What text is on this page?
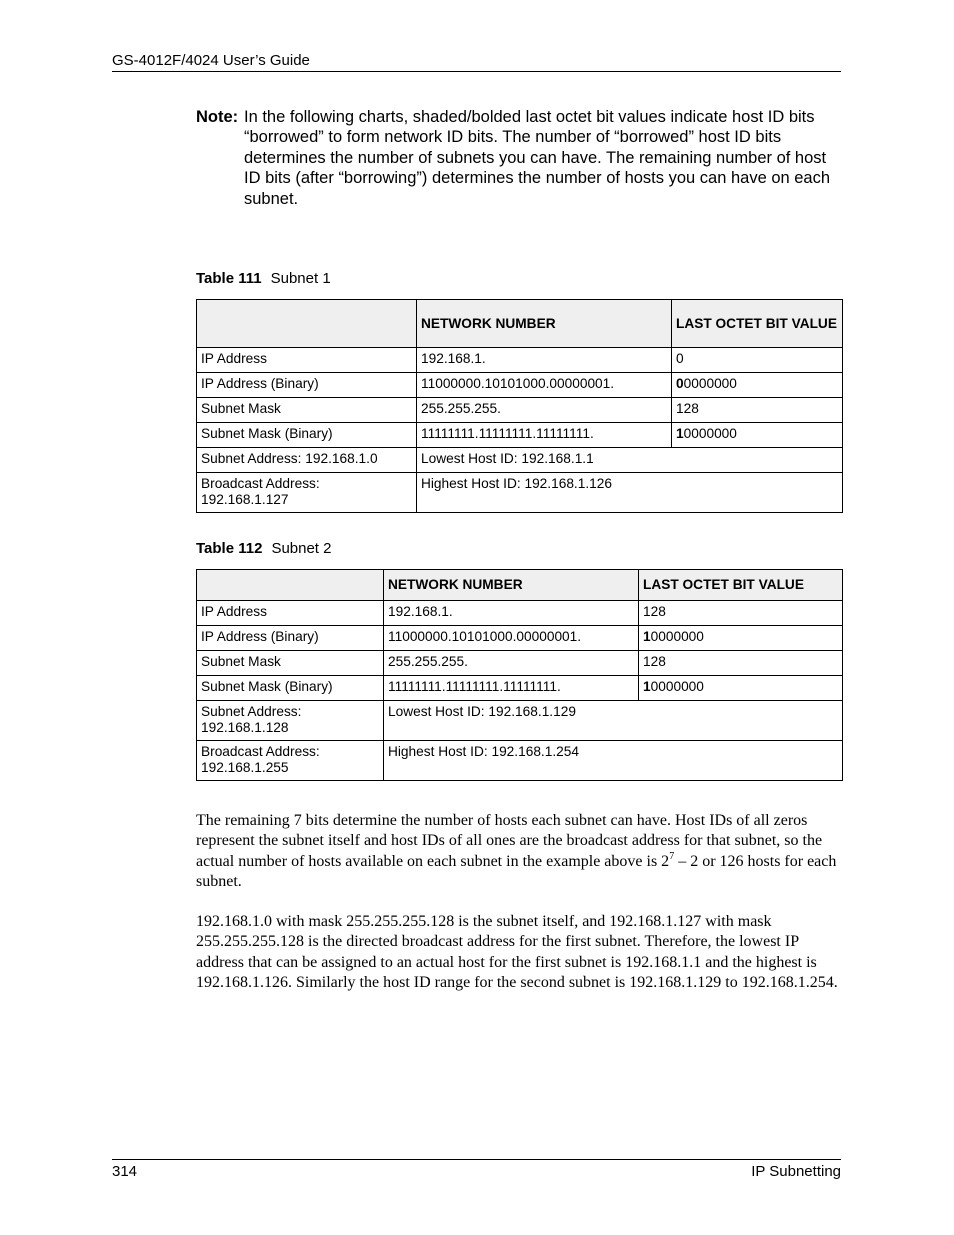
GS-4012F/4024 User’s Guide
Note: In the following charts, shaded/bolded last octet bit values indicate host ID bits “borrowed” to form network ID bits. The number of “borrowed” host ID bits determines the number of subnets you can have. The remaining number of host ID bits (after “borrowing”) determines the number of hosts you can have on each subnet.
Table 111 Subnet 1
	NETWORK NUMBER	LAST OCTET BIT VALUE
IP Address	192.168.1.	0
IP Address (Binary)	11000000.10101000.00000001.	00000000
Subnet Mask	255.255.255.	128
Subnet Mask (Binary)	11111111.11111111.11111111.	10000000
Subnet Address: 192.168.1.0	Lowest Host ID: 192.168.1.1	

Broadcast Address:
192.168.1.127	Highest Host ID: 192.168.1.126	
Table 112 Subnet 2
	NETWORK NUMBER	LAST OCTET BIT VALUE
IP Address	192.168.1.	128
IP Address (Binary)	11000000.10101000.00000001.	10000000
Subnet Mask	255.255.255.	128
Subnet Mask (Binary)	11111111.11111111.11111111.	10000000

Subnet Address:
192.168.1.128	Lowest Host ID: 192.168.1.129	

Broadcast Address:
192.168.1.255	Highest Host ID: 192.168.1.254	
The remaining 7 bits determine the number of hosts each subnet can have. Host IDs of all zeros represent the subnet itself and host IDs of all ones are the broadcast address for that subnet, so the actual number of hosts available on each subnet in the example above is $2^7 - 2$ or 126 hosts for each subnet.
192.168.1.0 with mask 255.255.255.128 is the subnet itself, and 192.168.1.127 with mask 255.255.255.128 is the directed broadcast address for the first subnet. Therefore, the lowest IP address that can be assigned to an actual host for the first subnet is 192.168.1.1 and the highest is 192.168.1.126. Similarly the host ID range for the second subnet is 192.168.1.129 to 192.168.1.254.
314	IP Subnetting
